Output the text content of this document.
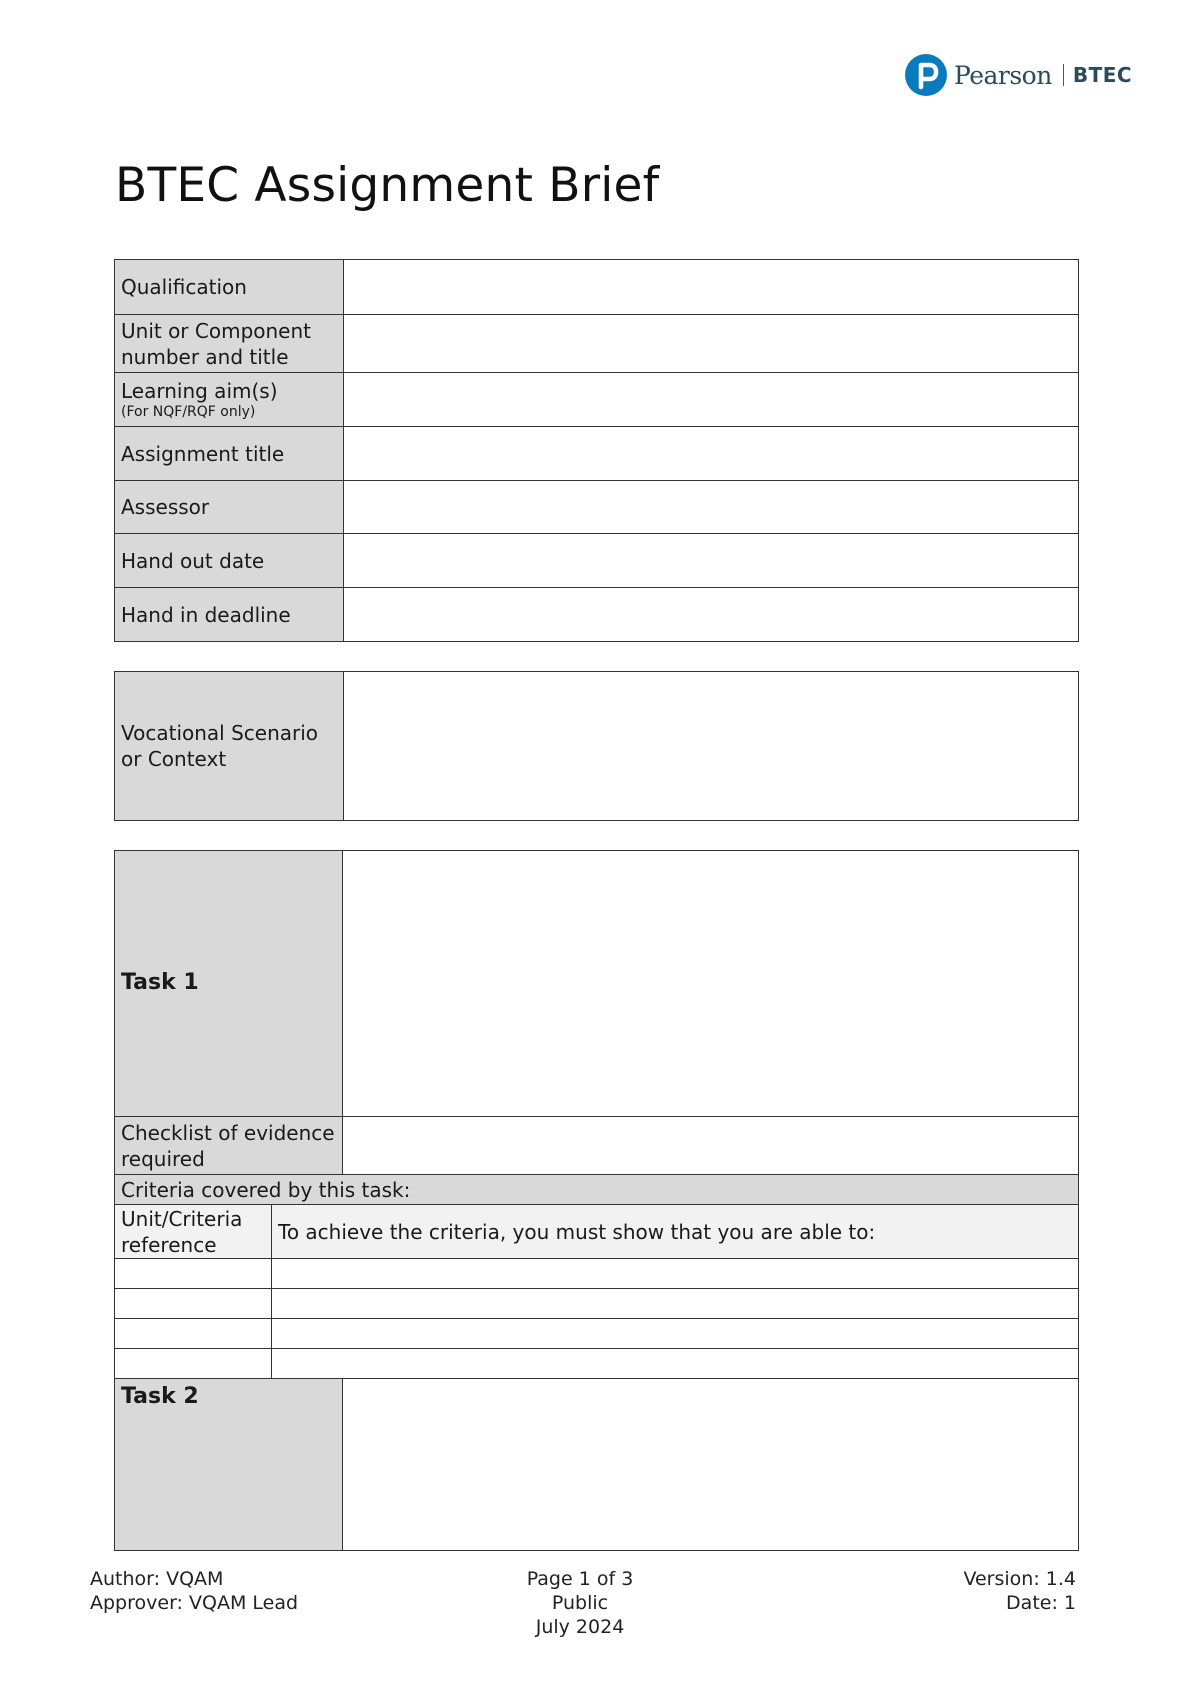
Pearson BTEC
BTEC Assignment Brief
Qualification	
Unit or Component number and title	
Learning aim(s)
(For NQF/RQF only)	

Assignment title	
Assessor	
Hand out date	
Hand in deadline	
Vocational Scenario or Context	
Task 1		
Checklist of evidence required		
Criteria covered by this task:		
Unit/Criteria reference	To achieve the criteria, you must show that you are able to:	

Task 2		
Author: VQAM
Approver: VQAM Lead
Page 1 of 3
Public
July 2024
Version: 1.4
Date: 1
